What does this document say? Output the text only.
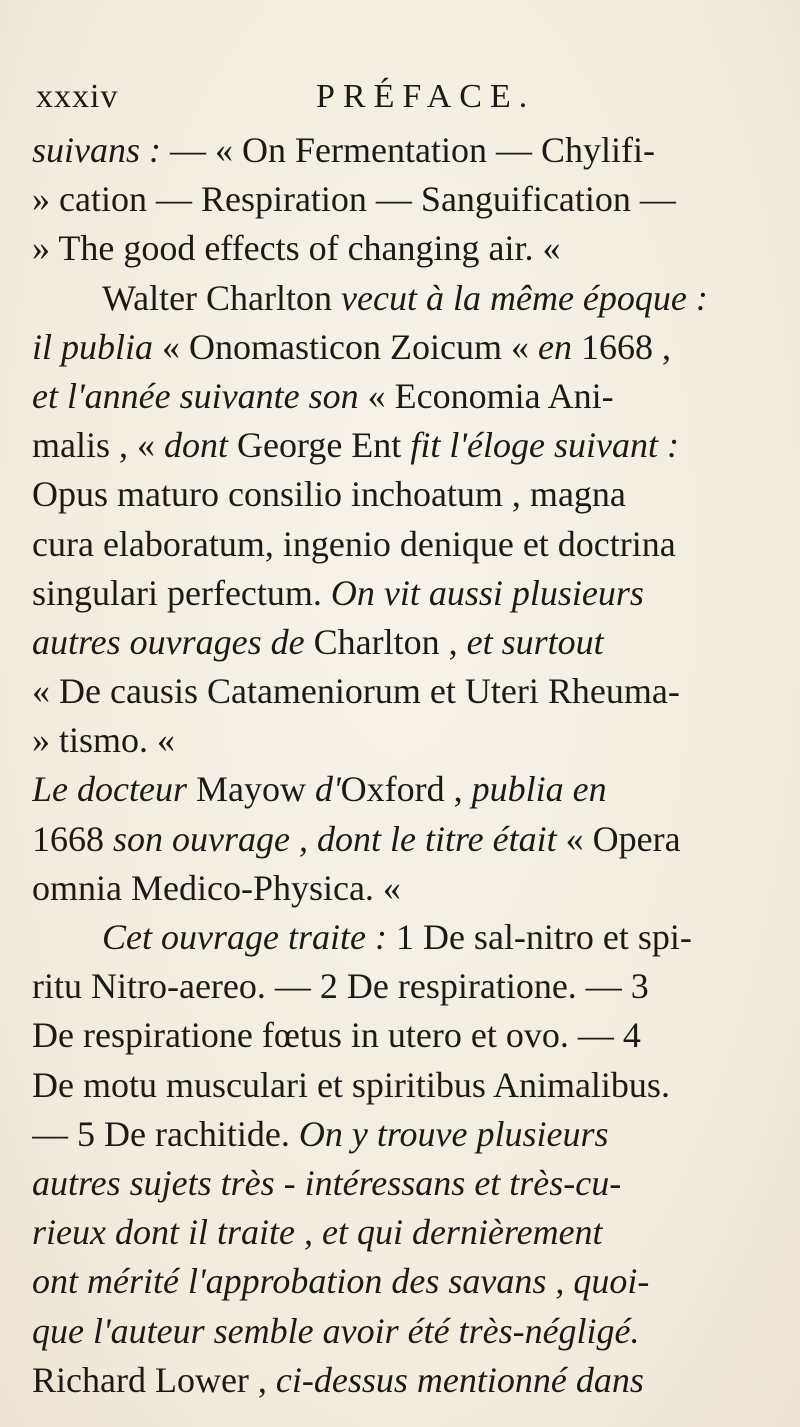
xxxiv	PRÉFACE.
suivans : — « On Fermentation — Chylifi-
» cation — Respiration — Sanguification —
» The good effects of changing air. «
Walter Charlton vecut à la même époque :
il publia « Onomasticon Zoicum « en 1668 ,
et l'année suivante son « Economia Ani-
malis , « dont George Ent fit l'éloge suivant :
Opus maturo consilio inchoatum , magna
cura elaboratum, ingenio denique et doctrina
singulari perfectum. On vit aussi plusieurs
autres ouvrages de Charlton , et surtout
« De causis Catameniorum et Uteri Rheuma-
» tismo. «
Le docteur Mayow d'Oxford , publia en
1668 son ouvrage , dont le titre était « Opera
omnia Medico-Physica. «
Cet ouvrage traite : 1 De sal-nitro et spi-
ritu Nitro-aereo. — 2 De respiratione. — 3
De respiratione fœtus in utero et ovo. — 4
De motu musculari et spiritibus Animalibus.
— 5 De rachitide. On y trouve plusieurs
autres sujets très - intéressans et très-cu-
rieux dont il traite , et qui dernièrement
ont mérité l'approbation des savans , quoi-
que l'auteur semble avoir été très-négligé.
Richard Lower , ci-dessus mentionné dans
